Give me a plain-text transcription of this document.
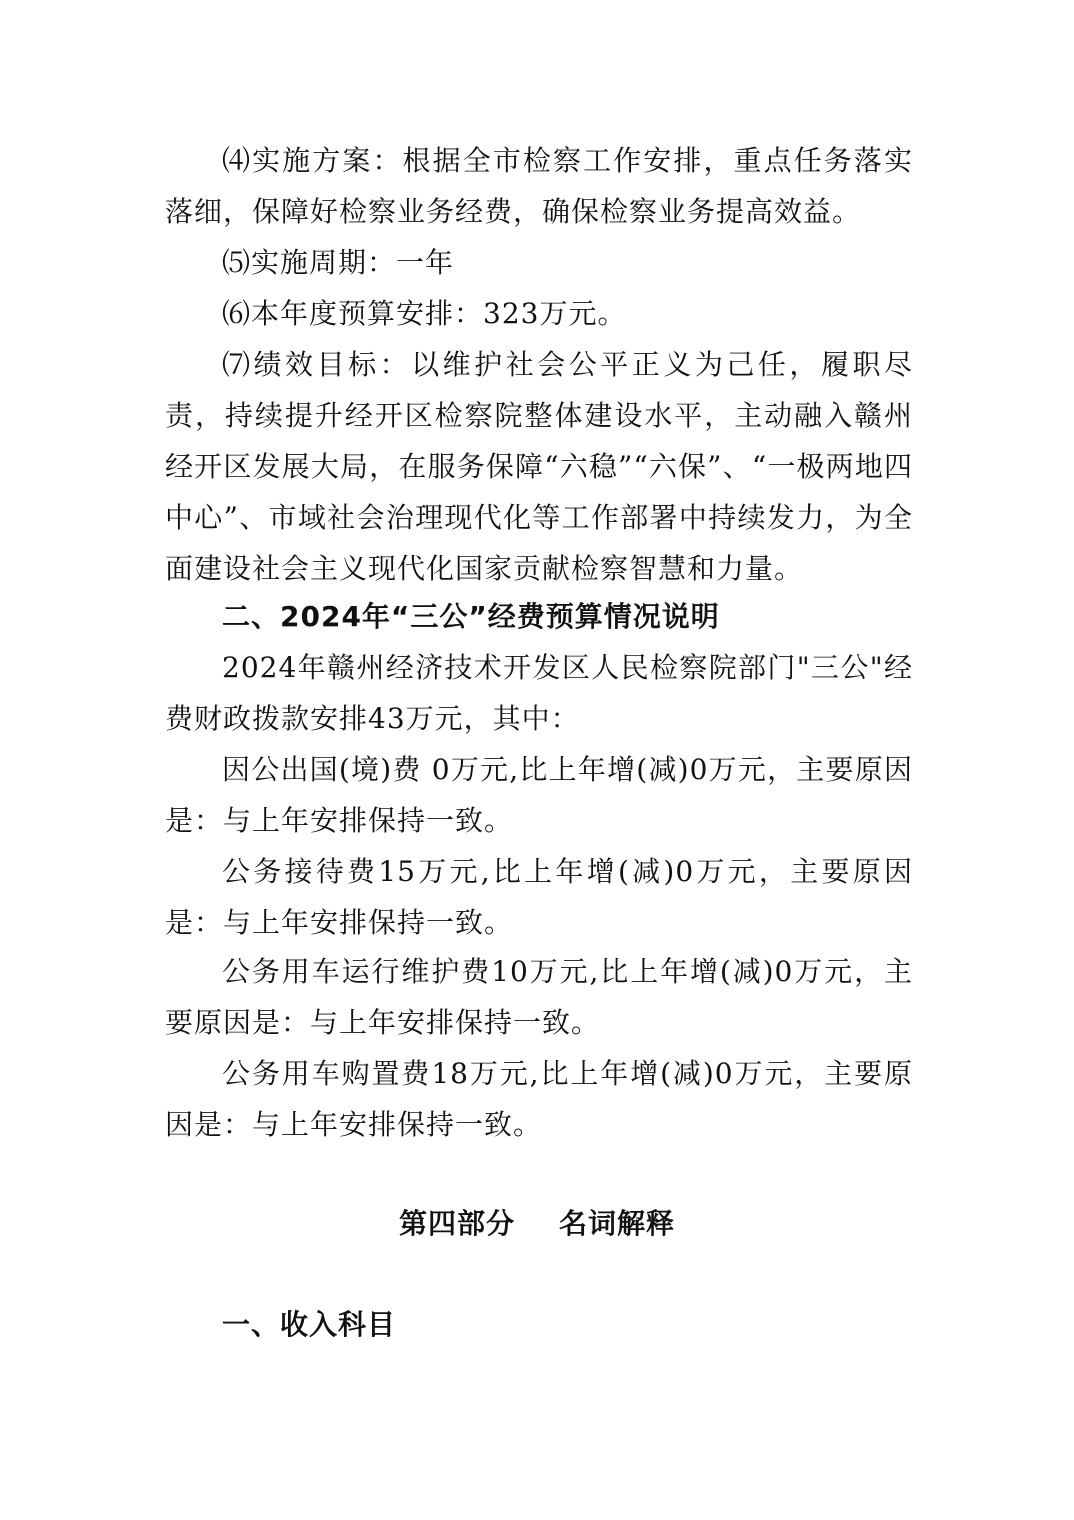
⑷实施方案：根据全市检察工作安排，重点任务落实落细，保障好检察业务经费，确保检察业务提高效益。

⑸实施周期：一年

⑹本年度预算安排：323万元。

⑺绩效目标：以维护社会公平正义为己任，履职尽责，持续提升经开区检察院整体建设水平，主动融入赣州经开区发展大局，在服务保障“六稳”“六保”、“一极两地四中心”、市域社会治理现代化等工作部署中持续发力，为全面建设社会主义现代化国家贡献检察智慧和力量。

二、2024年“三公”经费预算情况说明

2024年赣州经济技术开发区人民检察院部门"三公"经费财政拨款安排43万元，其中：

因公出国(境)费 0万元,比上年增(减)0万元，主要原因是：与上年安排保持一致。

公务接待费15万元,比上年增(减)0万元，主要原因是：与上年安排保持一致。

公务用车运行维护费10万元,比上年增(减)0万元，主要原因是：与上年安排保持一致。

公务用车购置费18万元,比上年增(减)0万元，主要原因是：与上年安排保持一致。

第四部分 名词解释
一、收入科目
